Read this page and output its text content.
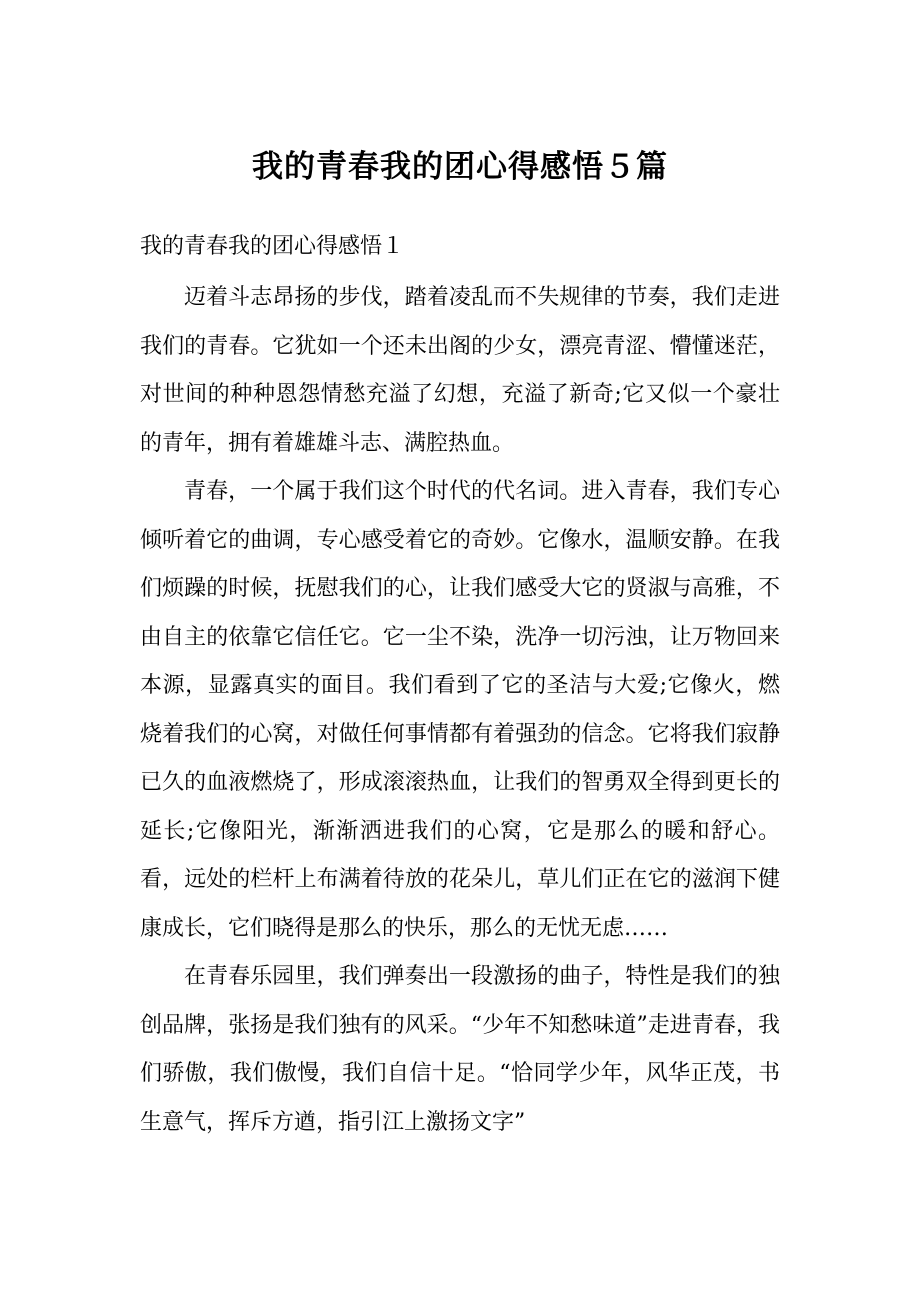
我的青春我的团心得感悟５篇

我的青春我的团心得感悟１

迈着斗志昂扬的步伐，踏着凌乱而不失规律的节奏，我们走进我们的青春。它犹如一个还未出阁的少女，漂亮青涩、懵懂迷茫，对世间的种种恩怨情愁充溢了幻想，充溢了新奇;它又似一个豪壮的青年，拥有着雄雄斗志、满腔热血。

青春，一个属于我们这个时代的代名词。进入青春，我们专心倾听着它的曲调，专心感受着它的奇妙。它像水，温顺安静。在我们烦躁的时候，抚慰我们的心，让我们感受大它的贤淑与高雅，不由自主的依靠它信任它。它一尘不染，洗净一切污浊，让万物回来本源，显露真实的面目。我们看到了它的圣洁与大爱;它像火，燃烧着我们的心窝，对做任何事情都有着强劲的信念。它将我们寂静已久的血液燃烧了，形成滚滚热血，让我们的智勇双全得到更长的延长;它像阳光，渐渐洒进我们的心窝，它是那么的暖和舒心。看，远处的栏杆上布满着待放的花朵儿，草儿们正在它的滋润下健康成长，它们晓得是那么的快乐，那么的无忧无虑……

在青春乐园里，我们弹奏出一段激扬的曲子，特性是我们的独创品牌，张扬是我们独有的风采。“少年不知愁味道”走进青春，我们骄傲，我们傲慢，我们自信十足。“恰同学少年，风华正茂，书生意气，挥斥方遒，指引江上激扬文字”
